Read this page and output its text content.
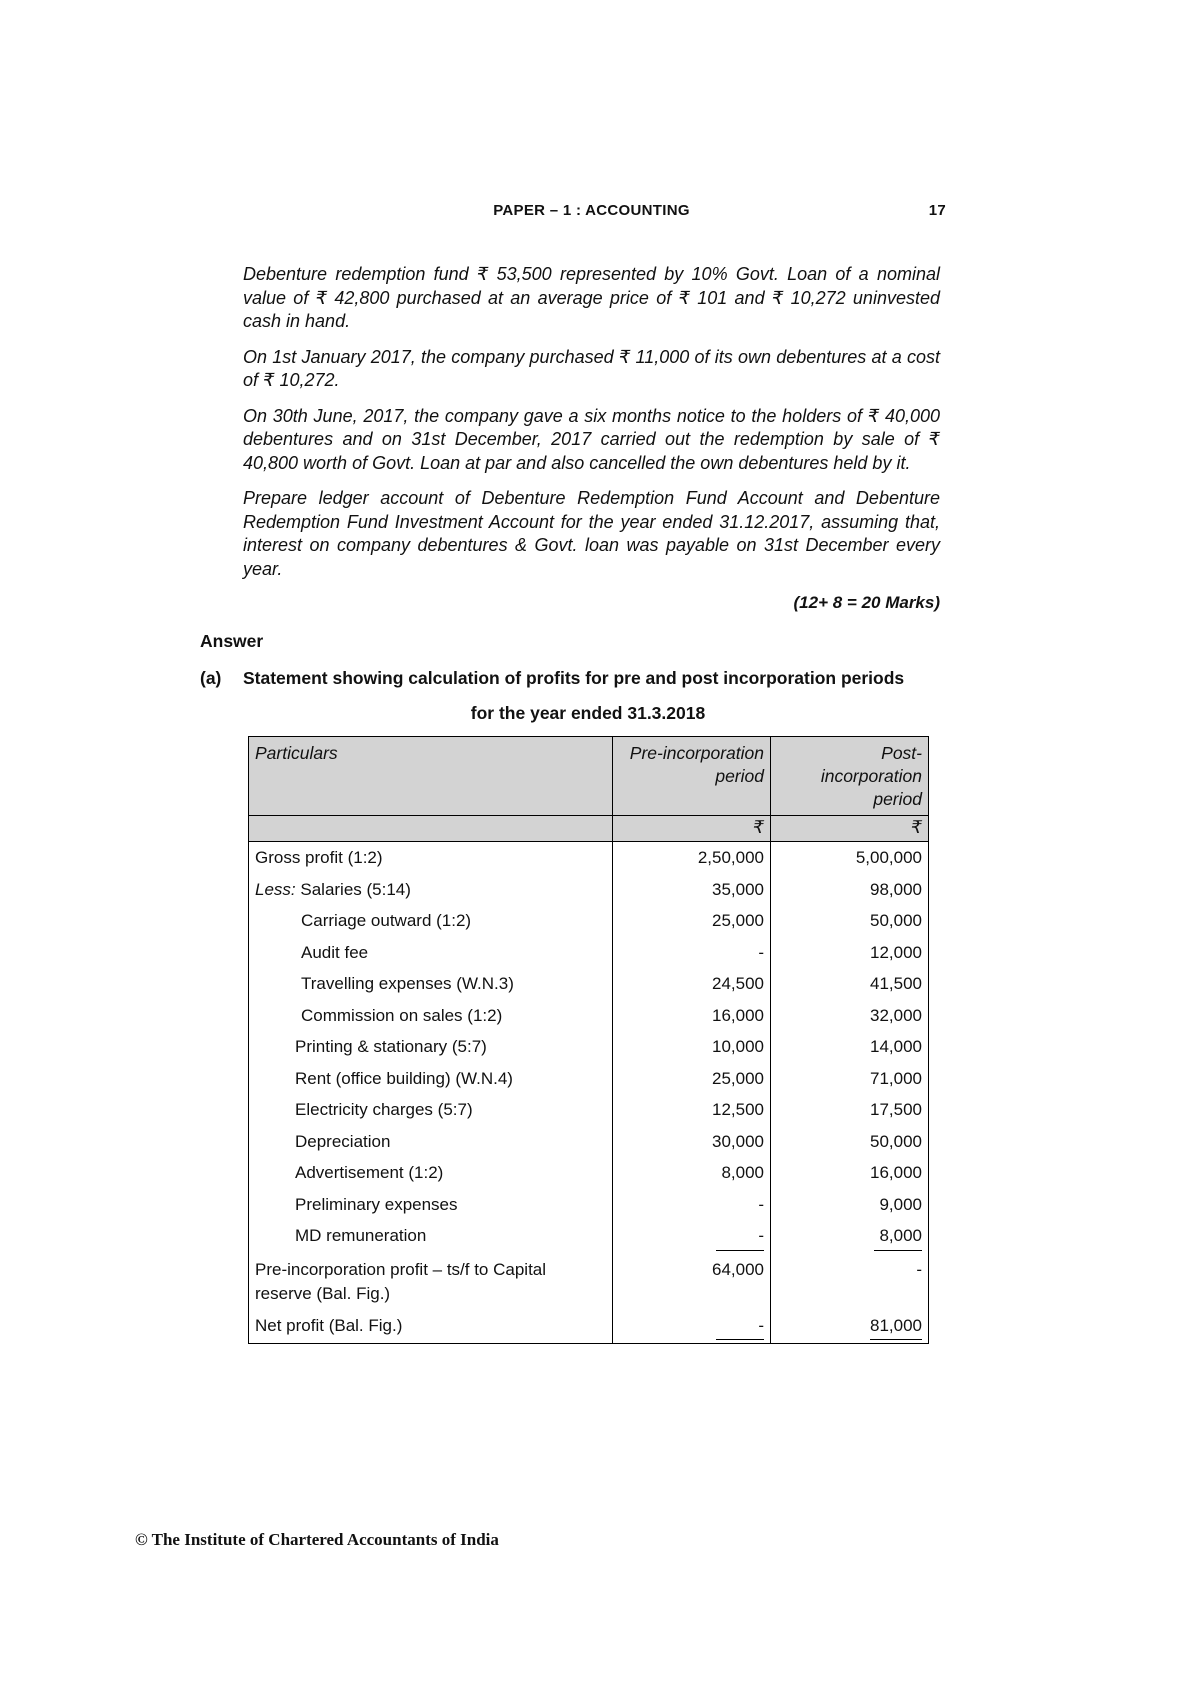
PAPER – 1 : ACCOUNTING	17

Debenture redemption fund ₹ 53,500 represented by 10% Govt. Loan of a nominal value of ₹ 42,800 purchased at an average price of ₹ 101 and ₹ 10,272 uninvested cash in hand.

On 1st January 2017, the company purchased ₹ 11,000 of its own debentures at a cost of ₹ 10,272.

On 30th June, 2017, the company gave a six months notice to the holders of ₹ 40,000 debentures and on 31st December, 2017 carried out the redemption by sale of ₹ 40,800 worth of Govt. Loan at par and also cancelled the own debentures held by it.

Prepare ledger account of Debenture Redemption Fund Account and Debenture Redemption Fund Investment Account for the year ended 31.12.2017, assuming that, interest on company debentures & Govt. loan was payable on 31st December every year.

(12+ 8 = 20 Marks)
Answer
(a)	Statement showing calculation of profits for pre and post incorporation periods
for the year ended 31.3.2018
Particulars	Pre-incorporation period	Post- incorporation period
	₹	₹
Gross profit (1:2)	2,50,000	5,00,000
Less: Salaries (5:14)	35,000	98,000
Carriage outward (1:2)	25,000	50,000
Audit fee	-	12,000
Travelling expenses (W.N.3)	24,500	41,500
Commission on sales (1:2)	16,000	32,000
Printing & stationary (5:7)	10,000	14,000
Rent (office building) (W.N.4)	25,000	71,000
Electricity charges (5:7)	12,500	17,500
Depreciation	30,000	50,000
Advertisement (1:2)	8,000	16,000
Preliminary expenses	-	9,000
MD remuneration	-	8,000
Pre-incorporation profit – ts/f to Capital reserve (Bal. Fig.)	64,000	-
Net profit (Bal. Fig.)	-	81,000
© The Institute of Chartered Accountants of India
